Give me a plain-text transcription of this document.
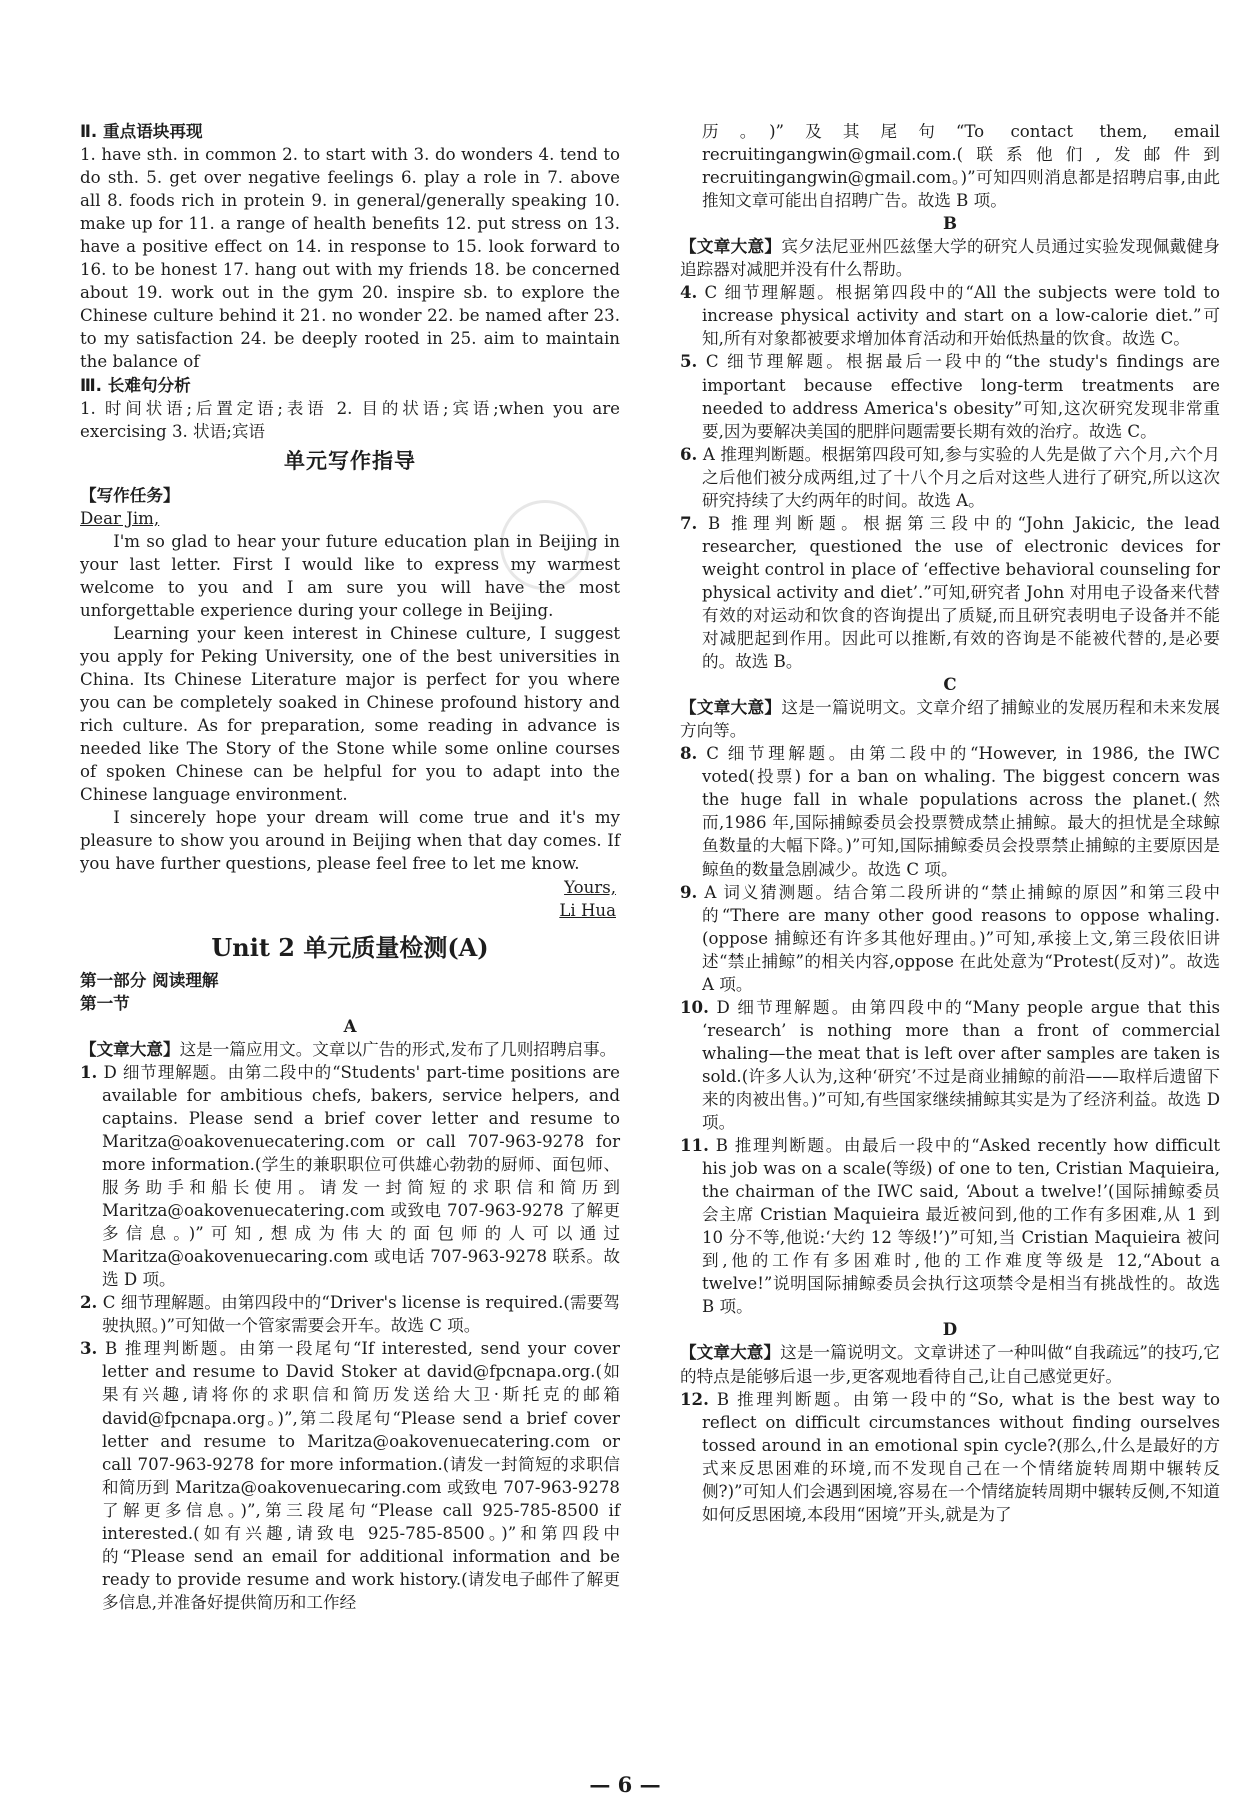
Ⅱ. 重点语块再现

1. have sth. in common 2. to start with 3. do wonders 4. tend to do sth. 5. get over negative feelings 6. play a role in 7. above all 8. foods rich in protein 9. in general/generally speaking 10. make up for 11. a range of health benefits 12. put stress on 13. have a positive effect on 14. in response to 15. look forward to 16. to be honest 17. hang out with my friends 18. be concerned about 19. work out in the gym 20. inspire sb. to explore the Chinese culture behind it 21. no wonder 22. be named after 23. to my satisfaction 24. be deeply rooted in 25. aim to maintain the balance of

Ⅲ. 长难句分析

1. 时间状语;后置定语;表语 2. 目的状语;宾语;when you are exercising 3. 状语;宾语

单元写作指导
【写作任务】
Dear Jim,

I'm so glad to hear your future education plan in Beijing in your last letter. First I would like to express my warmest welcome to you and I am sure you will have the most unforgettable experience during your college in Beijing.

Learning your keen interest in Chinese culture, I suggest you apply for Peking University, one of the best universities in China. Its Chinese Literature major is perfect for you where you can be completely soaked in Chinese profound history and rich culture. As for preparation, some reading in advance is needed like The Story of the Stone while some online courses of spoken Chinese can be helpful for you to adapt into the Chinese language environment.

I sincerely hope your dream will come true and it's my pleasure to show you around in Beijing when that day comes. If you have further questions, please feel free to let me know.

Yours,
Li Hua
Unit 2 单元质量检测(A)
第一部分 阅读理解
第一节
A

【文章大意】这是一篇应用文。文章以广告的形式,发布了几则招聘启事。

1. D 细节理解题。由第二段中的“Students' part-time positions are available for ambitious chefs, bakers, service helpers, and captains. Please send a brief cover letter and resume to Maritza@oakovenuecatering.com or call 707-963-9278 for more information.(学生的兼职职位可供雄心勃勃的厨师、面包师、服务助手和船长使用。请发一封简短的求职信和简历到 Maritza@oakovenuecatering.com 或致电 707-963-9278 了解更多信息。)”可知,想成为伟大的面包师的人可以通过 Maritza@oakovenuecaring.com 或电话 707-963-9278 联系。故选 D 项。

2. C 细节理解题。由第四段中的“Driver's license is required.(需要驾驶执照。)”可知做一个管家需要会开车。故选 C 项。

3. B 推理判断题。由第一段尾句“If interested, send your cover letter and resume to David Stoker at david@fpcnapa.org.(如果有兴趣,请将你的求职信和简历发送给大卫·斯托克的邮箱 david@fpcnapa.org。)”,第二段尾句“Please send a brief cover letter and resume to Maritza@oakovenuecatering.com or call 707-963-9278 for more information.(请发一封简短的求职信和简历到 Maritza@oakovenuecaring.com 或致电 707-963-9278 了解更多信息。)”,第三段尾句“Please call 925-785-8500 if interested.(如有兴趣,请致电 925-785-8500。)”和第四段中的“Please send an email for additional information and be ready to provide resume and work history.(请发电子邮件了解更多信息,并准备好提供简历和工作经

历。)”及其尾句“To contact them, email recruitingangwin@gmail.com.(联系他们,发邮件到 recruitingangwin@gmail.com。)”可知四则消息都是招聘启事,由此推知文章可能出自招聘广告。故选 B 项。

B

【文章大意】宾夕法尼亚州匹兹堡大学的研究人员通过实验发现佩戴健身追踪器对减肥并没有什么帮助。

4. C 细节理解题。根据第四段中的“All the subjects were told to increase physical activity and start on a low-calorie diet.”可知,所有对象都被要求增加体育活动和开始低热量的饮食。故选 C。

5. C 细节理解题。根据最后一段中的“the study's findings are important because effective long-term treatments are needed to address America's obesity”可知,这次研究发现非常重要,因为要解决美国的肥胖问题需要长期有效的治疗。故选 C。

6. A 推理判断题。根据第四段可知,参与实验的人先是做了六个月,六个月之后他们被分成两组,过了十八个月之后对这些人进行了研究,所以这次研究持续了大约两年的时间。故选 A。

7. B 推理判断题。根据第三段中的“John Jakicic, the lead researcher, questioned the use of electronic devices for weight control in place of ‘effective behavioral counseling for physical activity and diet’.”可知,研究者 John 对用电子设备来代替有效的对运动和饮食的咨询提出了质疑,而且研究表明电子设备并不能对减肥起到作用。因此可以推断,有效的咨询是不能被代替的,是必要的。故选 B。

C

【文章大意】这是一篇说明文。文章介绍了捕鲸业的发展历程和未来发展方向等。

8. C 细节理解题。由第二段中的“However, in 1986, the IWC voted(投票) for a ban on whaling. The biggest concern was the huge fall in whale populations across the planet.(然而,1986 年,国际捕鲸委员会投票赞成禁止捕鲸。最大的担忧是全球鲸鱼数量的大幅下降。)”可知,国际捕鲸委员会投票禁止捕鲸的主要原因是鲸鱼的数量急剧减少。故选 C 项。

9. A 词义猜测题。结合第二段所讲的“禁止捕鲸的原因”和第三段中的“There are many other good reasons to oppose whaling.(oppose 捕鲸还有许多其他好理由。)”可知,承接上文,第三段依旧讲述“禁止捕鲸”的相关内容,oppose 在此处意为“Protest(反对)”。故选 A 项。

10. D 细节理解题。由第四段中的“Many people argue that this ‘research’ is nothing more than a front of commercial whaling—the meat that is left over after samples are taken is sold.(许多人认为,这种‘研究’不过是商业捕鲸的前沿——取样后遗留下来的肉被出售。)”可知,有些国家继续捕鲸其实是为了经济利益。故选 D 项。

11. B 推理判断题。由最后一段中的“Asked recently how difficult his job was on a scale(等级) of one to ten, Cristian Maquieira, the chairman of the IWC said, ‘About a twelve!’(国际捕鲸委员会主席 Cristian Maquieira 最近被问到,他的工作有多困难,从 1 到 10 分不等,他说:‘大约 12 等级!’)”可知,当 Cristian Maquieira 被问到,他的工作有多困难时,他的工作难度等级是 12,“About a twelve!”说明国际捕鲸委员会执行这项禁令是相当有挑战性的。故选 B 项。

D

【文章大意】这是一篇说明文。文章讲述了一种叫做“自我疏远”的技巧,它的特点是能够后退一步,更客观地看待自己,让自己感觉更好。

12. B 推理判断题。由第一段中的“So, what is the best way to reflect on difficult circumstances without finding ourselves tossed around in an emotional spin cycle?(那么,什么是最好的方式来反思困难的环境,而不发现自己在一个情绪旋转周期中辗转反侧?)”可知人们会遇到困境,容易在一个情绪旋转周期中辗转反侧,不知道如何反思困境,本段用“困境”开头,就是为了

— 6 —
